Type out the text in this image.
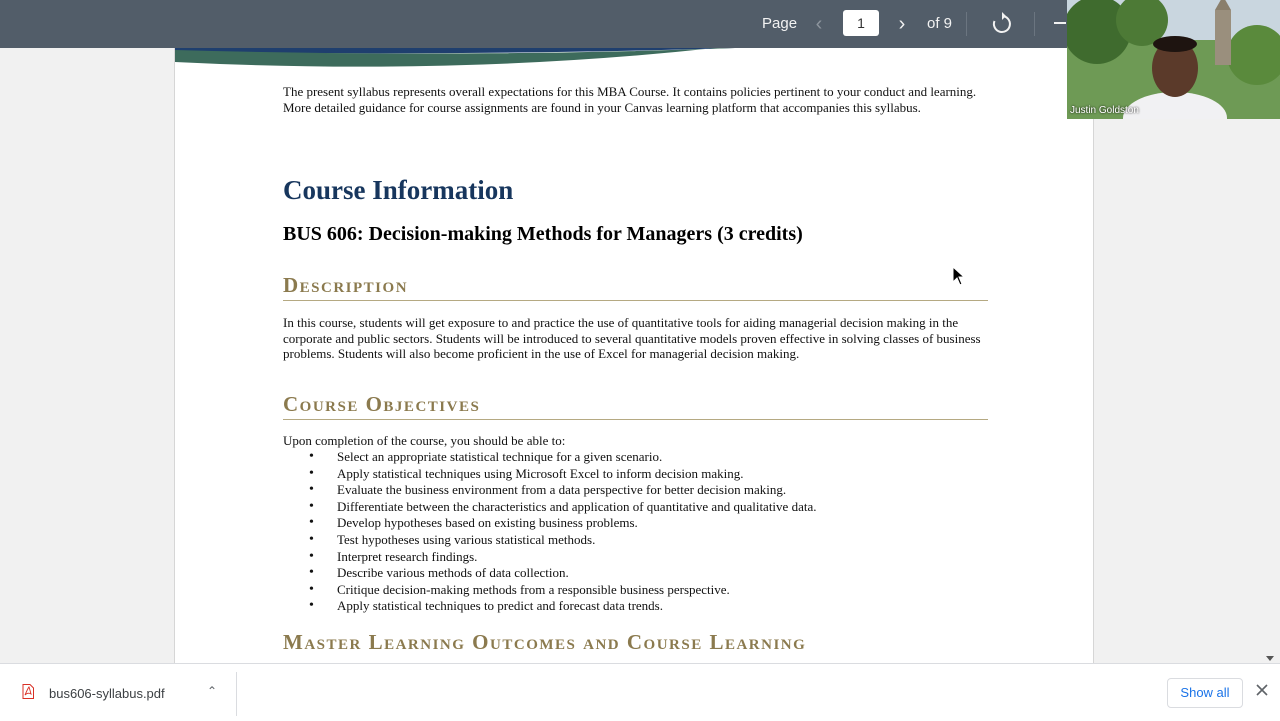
Page ‹	1	›	of 9
The present syllabus represents overall expectations for this MBA Course. It contains policies pertinent to your conduct and learning. More detailed guidance for course assignments are found in your Canvas learning platform that accompanies this syllabus.
Course Information
BUS 606: Decision-making Methods for Managers (3 credits)
Description
In this course, students will get exposure to and practice the use of quantitative tools for aiding managerial decision making in the corporate and public sectors. Students will be introduced to several quantitative models proven effective in solving classes of business problems. Students will also become proficient in the use of Excel for managerial decision making.
Course Objectives
Upon completion of the course, you should be able to:
• Select an appropriate statistical technique for a given scenario.
• Apply statistical techniques using Microsoft Excel to inform decision making.
• Evaluate the business environment from a data perspective for better decision making.
• Differentiate between the characteristics and application of quantitative and qualitative data.
• Develop hypotheses based on existing business problems.
• Test hypotheses using various statistical methods.
• Interpret research findings.
• Describe various methods of data collection.
• Critique decision-making methods from a responsible business perspective.
• Apply statistical techniques to predict and forecast data trends.
Master Learning Outcomes and Course Learning
Justin Goldston
bus606-syllabus.pdf	⌃	Show all
